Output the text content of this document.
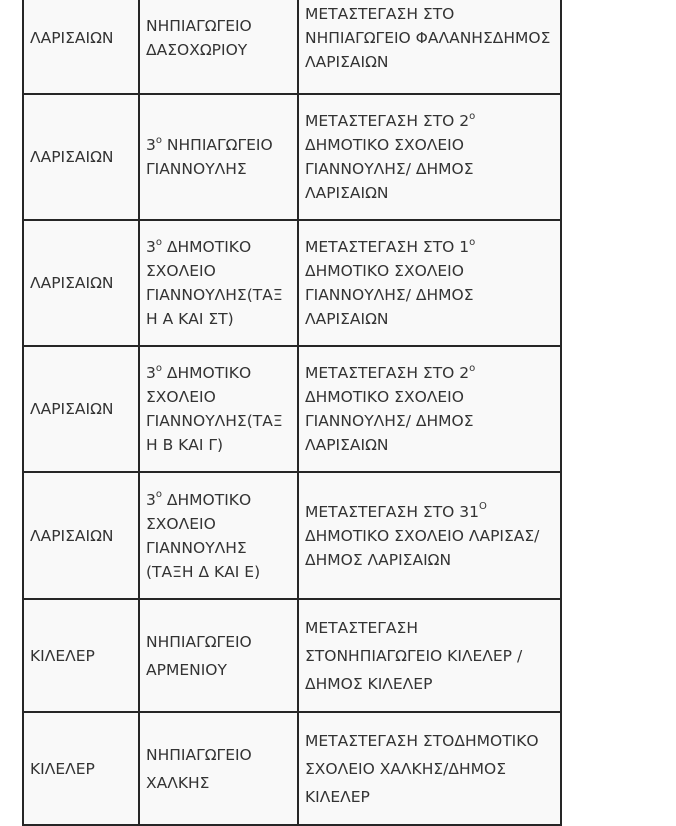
ΛΑΡΙΣΑΙΩΝ	ΝΗΠΙΑΓΩΓΕΙΟ ΔΑΣΟΧΩΡΙΟΥ	ΜΕΤΑΣΤΕΓΑΣΗ ΣΤΟ ΝΗΠΙΑΓΩΓΕΙΟ ΦΑΛΑΝΗΣΔΗΜΟΣ ΛΑΡΙΣΑΙΩΝ
ΛΑΡΙΣΑΙΩΝ	$3^o$ ΝΗΠΙΑΓΩΓΕΙΟ ΓΙΑΝΝΟΥΛΗΣ	ΜΕΤΑΣΤΕΓΑΣΗ ΣΤΟ $2^o$ ΔΗΜΟΤΙΚΟ ΣΧΟΛΕΙΟ ΓΙΑΝΝΟΥΛΗΣ/ ΔΗΜΟΣ ΛΑΡΙΣΑΙΩΝ
ΛΑΡΙΣΑΙΩΝ	$3^o$ ΔΗΜΟΤΙΚΟ ΣΧΟΛΕΙΟ ΓΙΑΝΝΟΥΛΗΣ(ΤΑΞΗ Α ΚΑΙ ΣΤ)	ΜΕΤΑΣΤΕΓΑΣΗ ΣΤΟ $1^o$ ΔΗΜΟΤΙΚΟ ΣΧΟΛΕΙΟ ΓΙΑΝΝΟΥΛΗΣ/ ΔΗΜΟΣ ΛΑΡΙΣΑΙΩΝ
ΛΑΡΙΣΑΙΩΝ	$3^o$ ΔΗΜΟΤΙΚΟ ΣΧΟΛΕΙΟ ΓΙΑΝΝΟΥΛΗΣ(ΤΑΞΗ Β ΚΑΙ Γ)	ΜΕΤΑΣΤΕΓΑΣΗ ΣΤΟ $2^o$ ΔΗΜΟΤΙΚΟ ΣΧΟΛΕΙΟ ΓΙΑΝΝΟΥΛΗΣ/ ΔΗΜΟΣ ΛΑΡΙΣΑΙΩΝ
ΛΑΡΙΣΑΙΩΝ	$3^o$ ΔΗΜΟΤΙΚΟ ΣΧΟΛΕΙΟ ΓΙΑΝΝΟΥΛΗΣ (ΤΑΞΗ Δ ΚΑΙ Ε)	ΜΕΤΑΣΤΕΓΑΣΗ ΣΤΟ $31^O$ ΔΗΜΟΤΙΚΟ ΣΧΟΛΕΙΟ ΛΑΡΙΣΑΣ/ ΔΗΜΟΣ ΛΑΡΙΣΑΙΩΝ
ΚΙΛΕΛΕΡ	ΝΗΠΙΑΓΩΓΕΙΟ ΑΡΜΕΝΙΟΥ	ΜΕΤΑΣΤΕΓΑΣΗ ΣΤΟΝΗΠΙΑΓΩΓΕΙΟ ΚΙΛΕΛΕΡ /ΔΗΜΟΣ ΚΙΛΕΛΕΡ
ΚΙΛΕΛΕΡ	ΝΗΠΙΑΓΩΓΕΙΟ ΧΑΛΚΗΣ	ΜΕΤΑΣΤΕΓΑΣΗ ΣΤΟΔΗΜΟΤΙΚΟ ΣΧΟΛΕΙΟ ΧΑΛΚΗΣ/ΔΗΜΟΣ ΚΙΛΕΛΕΡ
